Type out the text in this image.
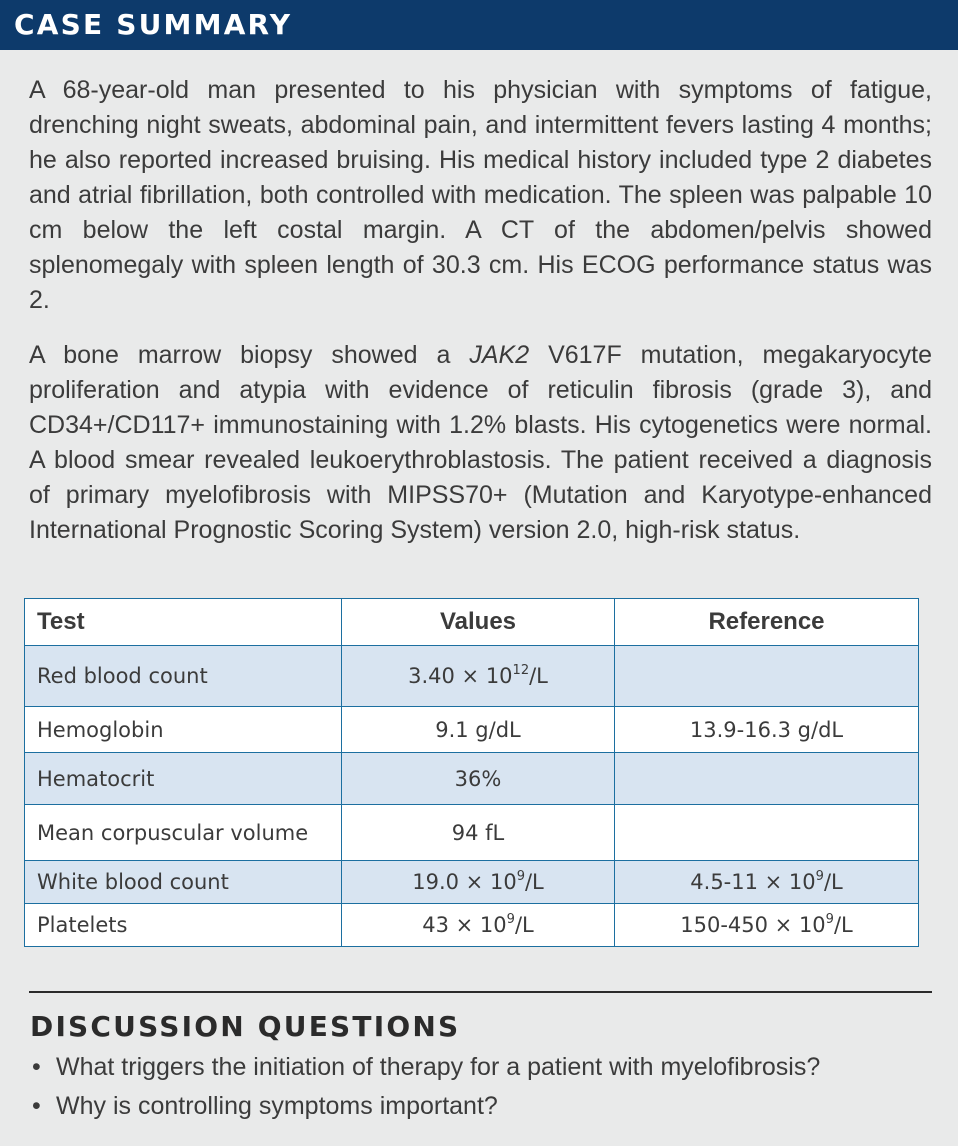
CASE SUMMARY

A 68-year-old man presented to his physician with symptoms of fatigue, drenching night sweats, abdominal pain, and intermittent fevers lasting 4 months; he also reported increased bruising. His medical history included type 2 diabetes and atrial fibrillation, both controlled with medication. The spleen was palpable 10 cm below the left costal margin. A CT of the abdomen/pelvis showed splenomegaly with spleen length of 30.3 cm. His ECOG performance status was 2.

A bone marrow biopsy showed a JAK2 V617F mutation, megakaryocyte proliferation and atypia with evidence of reticulin fibrosis (grade 3), and CD34+/CD117+ immunostaining with 1.2% blasts. His cytogenetics were normal. A blood smear revealed leukoerythroblastosis. The patient received a diagnosis of primary myelofibrosis with MIPSS70+ (Mutation and Karyotype-enhanced International Prognostic Scoring System) version 2.0, high-risk status.

Test	Values	Reference
Red blood count	$3.40 \times 10^{12}/L$	
Hemoglobin	9.1 g/dL	13.9-16.3 g/dL
Hematocrit	36%	
Mean corpuscular volume	94 fL	
White blood count	$19.0 \times 10^9/L$	$4.5-11 \times 10^9/L$
Platelets	$43 \times 10^9/L$	$150-450 \times 10^9/L$
DISCUSSION QUESTIONS
• What triggers the initiation of therapy for a patient with myelofibrosis?
• Why is controlling symptoms important?
